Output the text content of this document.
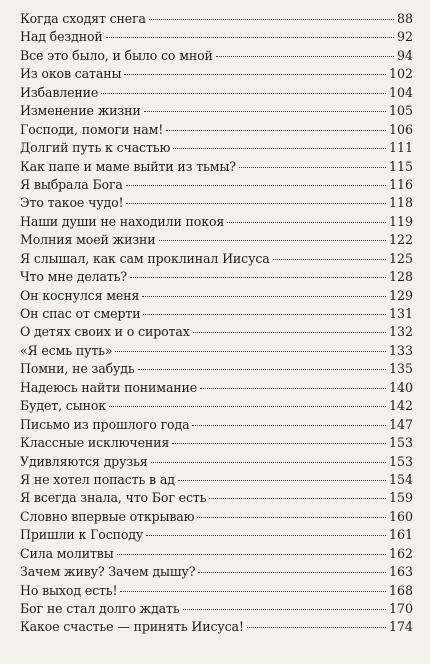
Когда сходят снега	88
Над бездной	92
Все это было, и было со мной	94
Из оков сатаны	102
Избавление	104
Изменение жизни	105
Господи, помоги нам!	106
Долгий путь к счастью	111
Как папе и маме выйти из тьмы?	115
Я выбрала Бога	116
Это такое чудо!	118
Наши души не находили покоя	119
Молния моей жизни	122
Я слышал, как сам проклинал Иисуса	125
Что мне делать?	128
Он коснулся меня	129
Он спас от смерти	131
О детях своих и о сиротах	132
«Я есмь путь»	133
Помни, не забудь	135
Надеюсь найти понимание	140
Будет, сынок	142
Письмо из прошлого года	147
Классные исключения	153
Удивляются друзья	153
Я не хотел попасть в ад	154
Я всегда знала, что Бог есть	159
Словно впервые открываю	160
Пришли к Господу	161
Сила молитвы	162
Зачем живу? Зачем дышу?	163
Но выход есть!	168
Бог не стал долго ждать	170
Какое счастье — принять Иисуса!	174
